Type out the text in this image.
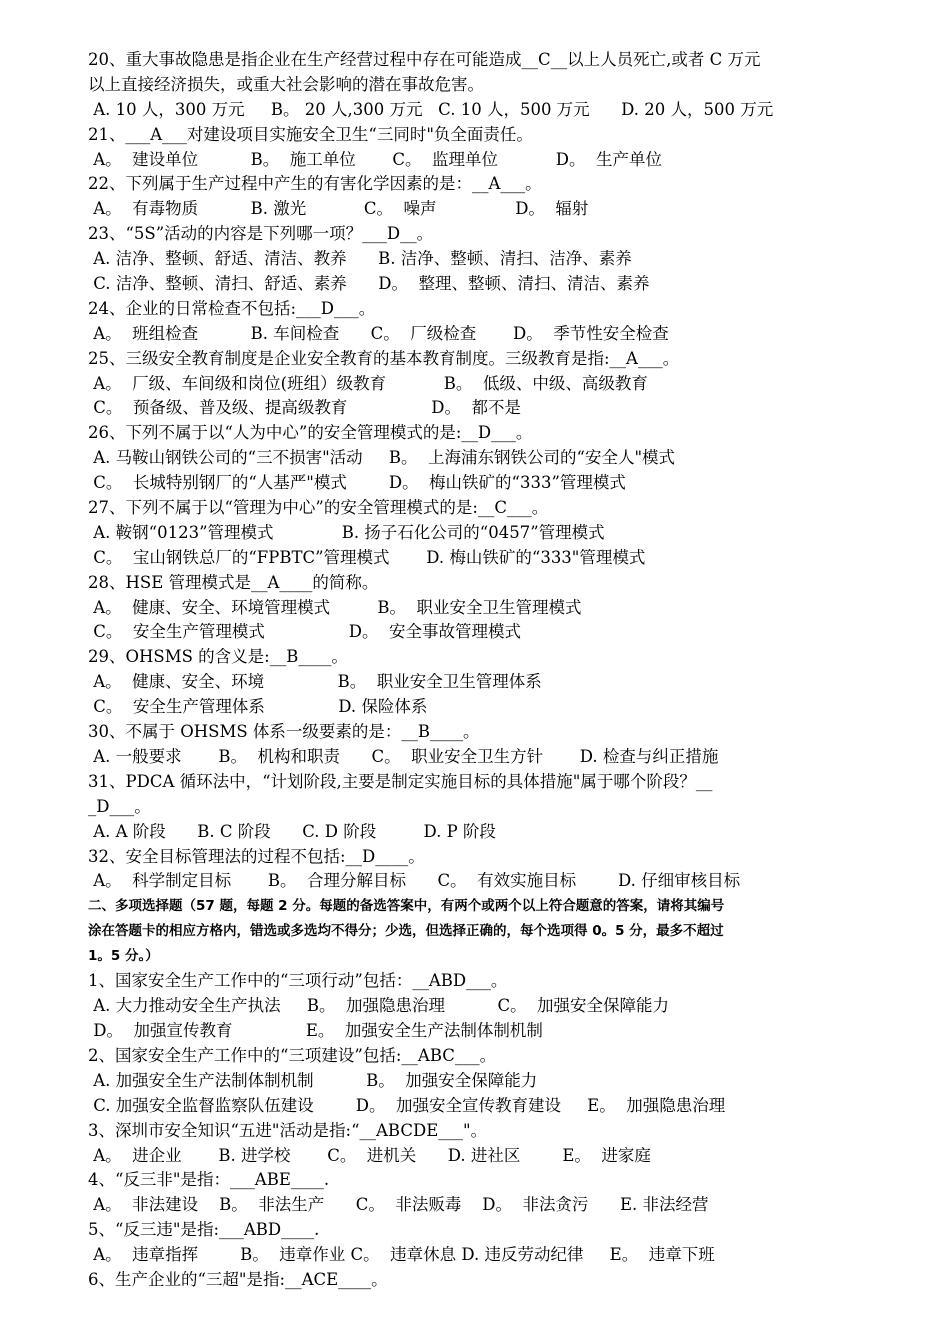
20、重大事故隐患是指企业在生产经营过程中存在可能造成__C__以上人员死亡,或者 C 万元
以上直接经济损失，或重大社会影响的潜在事故危害。
A. 10 人，300 万元     B。 20 人,300 万元   C. 10 人，500 万元      D. 20 人，500 万元
21、___A___对建设项目实施安全卫生“三同时"负全面责任。
A。  建设单位          B。  施工单位       C。  监理单位           D。  生产单位
22、下列属于生产过程中产生的有害化学因素的是：__A___。
A。  有毒物质          B. 激光           C。  噪声               D。  辐射
23、“5S”活动的内容是下列哪一项？___D__。
A. 洁净、整顿、舒适、清洁、教养      B. 洁净、整顿、清扫、洁净、素养
C. 洁净、整顿、清扫、舒适、素养      D。  整理、整顿、清扫、清洁、素养
24、企业的日常检查不包括:___D___。
A。  班组检查          B. 车间检查      C。  厂级检查       D。  季节性安全检查
25、三级安全教育制度是企业安全教育的基本教育制度。三级教育是指:__A___。
A。  厂级、车间级和岗位(班组）级教育           B。  低级、中级、高级教育
C。  预备级、普及级、提高级教育                D。  都不是
26、下列不属于以“人为中心”的安全管理模式的是:__D___。
A. 马鞍山钢铁公司的“三不损害"活动     B。  上海浦东钢铁公司的“安全人"模式
C。  长城特别钢厂的“人基严"模式        D。  梅山铁矿的“333”管理模式
27、下列不属于以“管理为中心”的安全管理模式的是:__C___。
A. 鞍钢“0123”管理模式             B. 扬子石化公司的“0457”管理模式
C。  宝山钢铁总厂的“FPBTC”管理模式       D. 梅山铁矿的“333"管理模式
28、HSE 管理模式是__A____的简称。
A。  健康、安全、环境管理模式         B。  职业安全卫生管理模式
C。  安全生产管理模式                D。  安全事故管理模式
29、OHSMS 的含义是:__B____。
A。  健康、安全、环境              B。  职业安全卫生管理体系
C。  安全生产管理体系              D. 保险体系
30、不属于 OHSMS 体系一级要素的是：__B____。
A. 一般要求       B。  机构和职责      C。  职业安全卫生方针       D. 检查与纠正措施
31、PDCA 循环法中，“计划阶段,主要是制定实施目标的具体措施"属于哪个阶段？__
_D___。
A. A 阶段      B. C 阶段      C. D 阶段         D. P 阶段
32、安全目标管理法的过程不包括:__D____。
A。  科学制定目标       B。  合理分解目标      C。  有效实施目标        D. 仔细审核目标
二、多项选择题（57 题，每题 2 分。每题的备选答案中，有两个或两个以上符合题意的答案，请将其编号
涂在答题卡的相应方格内，错选或多选均不得分；少选，但选择正确的，每个选项得 0。5 分，最多不超过
1。5 分。）
1、国家安全生产工作中的“三项行动”包括：__ABD___。
A. 大力推动安全生产执法     B。  加强隐患治理          C。  加强安全保障能力
D。  加强宣传教育              E。  加强安全生产法制体制机制
2、国家安全生产工作中的“三项建设”包括:__ABC___。
A. 加强安全生产法制体制机制          B。  加强安全保障能力
C. 加强安全监督监察队伍建设        D。  加强安全宣传教育建设     E。  加强隐患治理
3、深圳市安全知识“五进"活动是指:“__ABCDE___"。
A。  进企业       B. 进学校       C。  进机关      D. 进社区        E。  进家庭
4、“反三非"是指：___ABE____.
A。  非法建设    B。  非法生产      C。  非法贩毒    D。  非法贪污      E. 非法经营
5、“反三违"是指:___ABD____.
A。  违章指挥        B。  违章作业 C。  违章休息 D. 违反劳动纪律     E。  违章下班
6、生产企业的“三超"是指:__ACE____。
